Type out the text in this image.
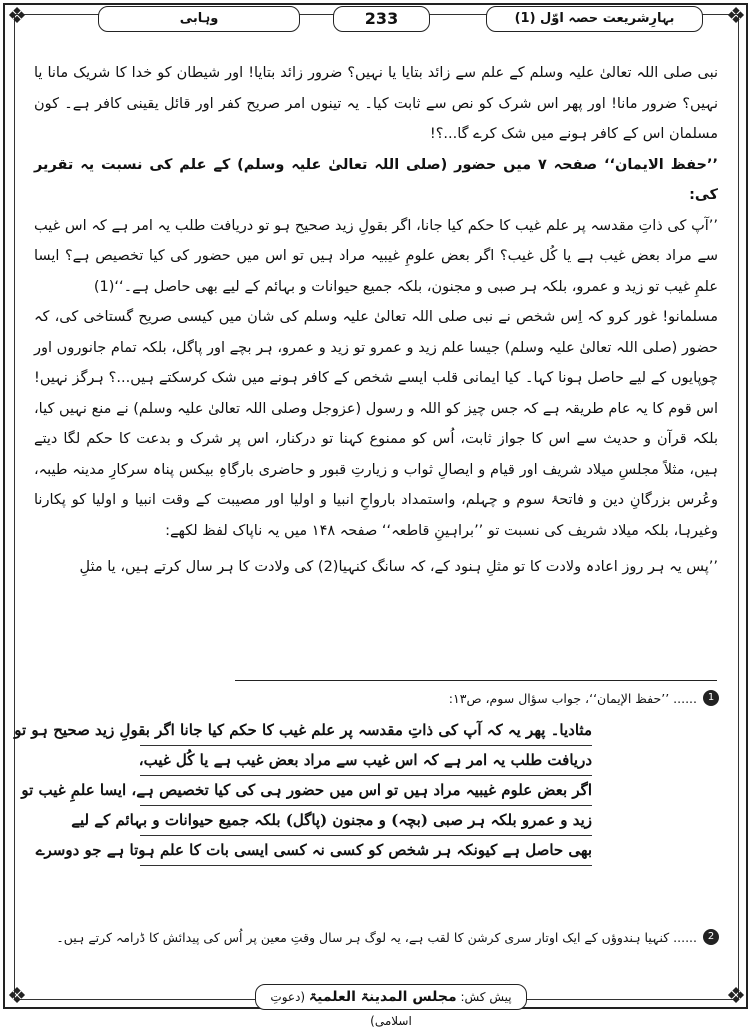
❖	❖
❖	❖
بہارِشریعت حصہ اوّل (1)
233
وہابی

نبی صلی اللہ تعالیٰ علیہ وسلم کے علم سے زائد بتایا یا نہیں؟ ضرور زائد بتایا! اور شیطان کو خدا کا شریک مانا یا نہیں؟ ضرور مانا! اور پھر اس شرک کو نص سے ثابت کیا۔ یہ تینوں امر صریح کفر اور قائل یقینی کافر ہے۔ کون مسلمان اس کے کافر ہونے میں شک کرے گا...؟!

’’حفظ الایمان‘‘ صفحہ ۷ میں حضور (صلی اللہ تعالیٰ علیہ وسلم) کے علم کی نسبت یہ تقریر کی:

’’آپ کی ذاتِ مقدسہ پر علم غیب کا حکم کیا جانا، اگر بقولِ زید صحیح ہو تو دریافت طلب یہ امر ہے کہ اس غیب سے مراد بعض غیب ہے یا کُل غیب؟ اگر بعض علومِ غیبیہ مراد ہیں تو اس میں حضور کی کیا تخصیص ہے؟ ایسا علمِ غیب تو زید و عمرو، بلکہ ہر صبی و مجنون، بلکہ جمیع حیوانات و بہائم کے لیے بھی حاصل ہے۔‘‘(1)

مسلمانو! غور کرو کہ اِس شخص نے نبی صلی اللہ تعالیٰ علیہ وسلم کی شان میں کیسی صریح گستاخی کی، کہ حضور (صلی اللہ تعالیٰ علیہ وسلم) جیسا علم زید و عمرو تو زید و عمرو، ہر بچے اور پاگل، بلکہ تمام جانوروں اور چوپایوں کے لیے حاصل ہونا کہا۔ کیا ایمانی قلب ایسے شخص کے کافر ہونے میں شک کرسکتے ہیں...؟ ہرگز نہیں! اس قوم کا یہ عام طریقہ ہے کہ جس چیز کو اللہ و رسول (عزوجل وصلی اللہ تعالیٰ علیہ وسلم) نے منع نہیں کیا، بلکہ قرآن و حدیث سے اس کا جواز ثابت، اُس کو ممنوع کہنا تو درکنار، اس پر شرک و بدعت کا حکم لگا دیتے ہیں، مثلاً مجلسِ میلاد شریف اور قیام و ایصالِ ثواب و زیارتِ قبور و حاضری بارگاہِ بیکس پناہ سرکارِ مدینہ طیبہ، وعُرس بزرگانِ دین و فاتحۂ سوم و چہلم، واستمداد بارواحِ انبیا و اولیا اور مصیبت کے وقت انبیا و اولیا کو پکارنا وغیرہا، بلکہ میلاد شریف کی نسبت تو ’’براہینِ قاطعہ‘‘ صفحہ ۱۴۸ میں یہ ناپاک لفظ لکھے:

’’پس یہ ہر روز اعادہ ولادت کا تو مثلِ ہنود کے، کہ سانگ کنہیا(2) کی ولادت کا ہر سال کرتے ہیں، یا مثلِ

1
...... ’’حفظ الإیمان‘‘، جواب سؤال سوم، ص۱۳:
مثادیا۔ پھر یہ کہ آپ کی ذاتِ مقدسہ پر علم غیب کا حکم کیا جانا اگر بقولِ زید صحیح ہو تو
دریافت طلب یہ امر ہے کہ اس غیب سے مراد بعض غیب ہے یا کُل غیب،
اگر بعض علوم غیبیہ مراد ہیں تو اس میں حضور ہی کی کیا تخصیص ہے، ایسا علمِ غیب تو
زید و عمرو بلکہ ہر صبی (بچہ) و مجنون (پاگل) بلکہ جمیع حیوانات و بہائم کے لیے
بھی حاصل ہے کیونکہ ہر شخص کو کسی نہ کسی ایسی بات کا علم ہوتا ہے جو دوسرے
2
...... کنہیا ہندوؤں کے ایک اوتار سری کرشن کا لقب ہے، یہ لوگ ہر سال وقتِ معین پر اُس کی پیدائش کا ڈرامہ کرتے ہیں۔
پیش کش: مجلس المدینۃ العلمیۃ (دعوتِ اسلامی)
